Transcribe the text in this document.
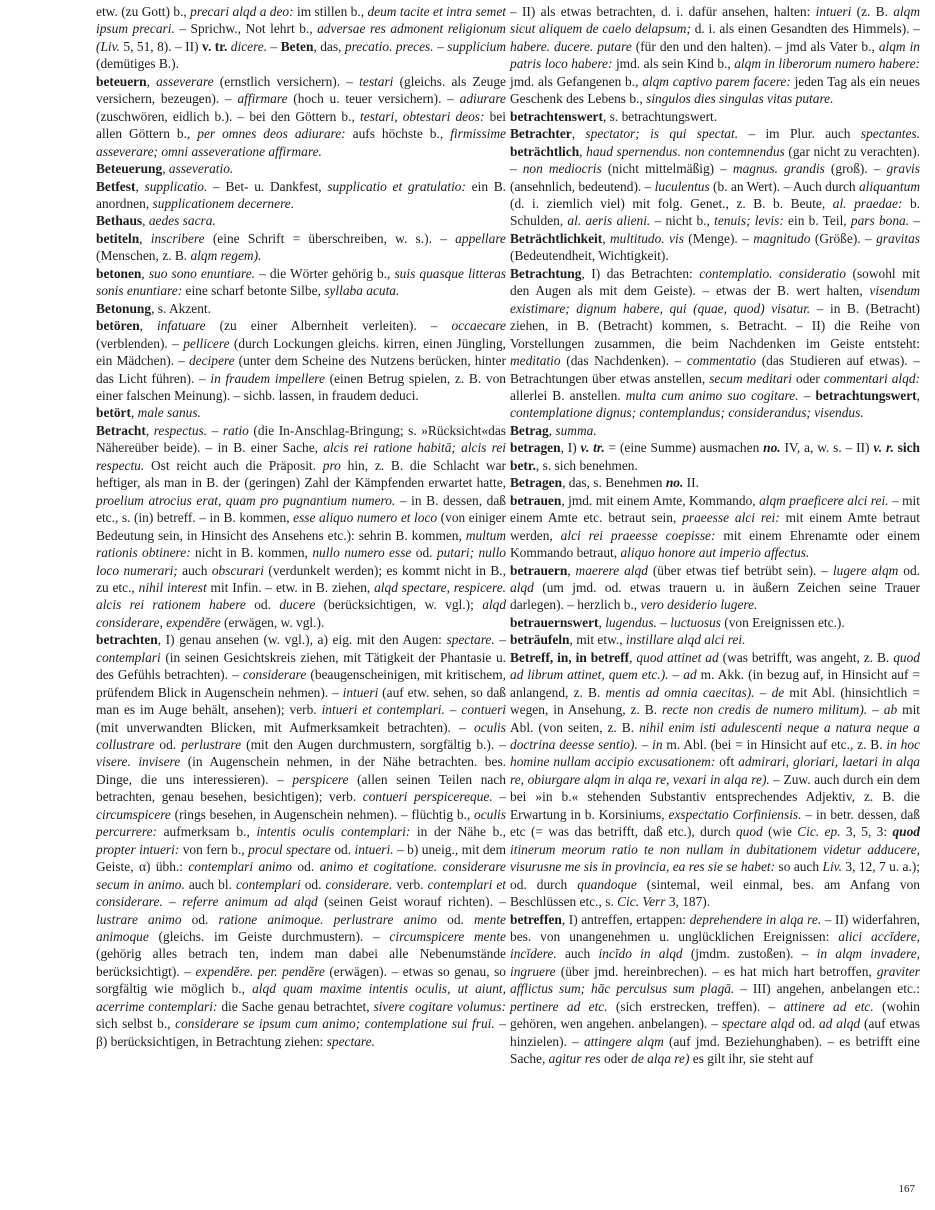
etw. (zu Gott) b., precari alqd a deo: im stillen b., deum tacite et intra semet ipsum precari. – Sprichw., Not lehrt b., adversae res admonent religionum (Liv. 5, 51, 8). – II) v. tr. dicere. – Beten, das, precatio. preces. – supplicium (demütiges B.).

beteuern, asseverare (ernstlich versichern). – testari (gleichs. als Zeuge versichern, bezeugen). – affirmare (hoch u. teuer versichern). – adiurare (zuschwören, eidlich b.). – bei den Göttern b., testari, obtestari deos: bei allen Göttern b., per omnes deos adiurare: aufs höchste b., firmissime asseverare; omni asseveratione affirmare.

Beteuerung, asseveratio.

Betfest, supplicatio. – Bet- u. Dankfest, supplicatio et gratulatio: ein B. anordnen, supplicationem decernere.

Bethaus, aedes sacra.

betiteln, inscribere (eine Schrift = überschreiben, w. s.). – appellare (Menschen, z. B. alqm regem).

betonen, suo sono enuntiare. – die Wörter gehörig b., suis quasque litteras sonis enuntiare: eine scharf betonte Silbe, syllaba acuta.

Betonung, s. Akzent.

betören, infatuare (zu einer Albernheit verleiten). – occaecare (verblenden). – pellicere (durch Lockungen gleichs. kirren, einen Jüngling, ein Mädchen). – decipere (unter dem Scheine des Nutzens berücken, hinter das Licht führen). – in fraudem impellere (einen Betrug spielen, z. B. von einer falschen Meinung). – sichb. lassen, in fraudem deduci.

betört, male sanus.

Betracht, respectus. – ratio (die In-Anschlag-Bringung; s. »Rücksicht«das Nähereüber beide). – in B. einer Sache, alcis rei ratione habitā; alcis rei respectu. Ost reicht auch die Präposit. pro hin, z. B. die Schlacht war heftiger, als man in B. der (geringen) Zahl der Kämpfenden erwartet hatte, proelium atrocius erat, quam pro pugnantium numero. – in B. dessen, daß etc., s. (in) betreff. – in B. kommen, esse aliquo numero et loco (von einiger Bedeutung sein, in Hinsicht des Ansehens etc.): sehrin B. kommen, multum rationis obtinere: nicht in B. kommen, nullo numero esse od. putari; nullo loco numerari; auch obscurari (verdunkelt werden); es kommt nicht in B., zu etc., nihil interest mit Infin. – etw. in B. ziehen, alqd spectare, respicere. alcis rei rationem habere od. ducere (berücksichtigen, w. vgl.); alqd considerare, expendĕre (erwägen, w. vgl.).

betrachten, I) genau ansehen (w. vgl.), a) eig. mit den Augen: spectare. – contemplari (in seinen Gesichtskreis ziehen, mit Tätigkeit der Phantasie u. des Gefühls betrachten). – considerare (beaugenscheinigen, mit kritischem, prüfendem Blick in Augenschein nehmen). – intueri (auf etw. sehen, so daß man es im Auge behält, ansehen); verb. intueri et contemplari. – contueri (mit unverwandten Blicken, mit Aufmerksamkeit betrachten). – oculis collustrare od. perlustrare (mit den Augen durchmustern, sorgfältig b.). – visere. invisere (in Augenschein nehmen, in der Nähe betrachten. bes. Dinge, die uns interessieren). – perspicere (allen seinen Teilen nach betrachten, genau besehen, besichtigen); verb. contueri perspicereque. – circumspicere (rings besehen, in Augenschein nehmen). – flüchtig b., oculis percurrere: aufmerksam b., intentis oculis contemplari: in der Nähe b., propter intueri: von fern b., procul spectare od. intueri. – b) uneig., mit dem Geiste, α) übh.: contemplari animo od. animo et cogitatione. considerare secum in animo. auch bl. contemplari od. considerare. verb. contemplari et considerare. – referre animum ad alqd (seinen Geist worauf richten). – lustrare animo od. ratione animoque. perlustrare animo od. mente animoque (gleichs. im Geiste durchmustern). – circumspicere mente (gehörig alles betrach ten, indem man dabei alle Nebenumstände berücksichtigt). – expendĕre. per. pendĕre (erwägen). – etwas so genau, so sorgfältig wie möglich b., alqd quam maxime intentis oculis, ut aiunt, acerrime contemplari: die Sache genau betrachtet, sivere cogitare volumus: sich selbst b., considerare se ipsum cum animo; contemplatione sui frui. – β) berücksichtigen, in Betrachtung ziehen: spectare.

– II) als etwas betrachten, d. i. dafür ansehen, halten: intueri (z. B. alqm sicut aliquem de caelo delapsum; d. i. als einen Gesandten des Himmels). – habere. ducere. putare (für den und den halten). – jmd als Vater b., alqm in patris loco habere: jmd. als sein Kind b., alqm in liberorum numero habere: jmd. als Gefangenen b., alqm captivo parem facere: jeden Tag als ein neues Geschenk des Lebens b., singulos dies singulas vitas putare.

betrachtenswert, s. betrachtungswert.

Betrachter, spectator; is qui spectat. – im Plur. auch spectantes. beträchtlich, haud spernendus. non contemnendus (gar nicht zu verachten). – non mediocris (nicht mittelmäßig) – magnus. grandis (groß). – gravis (ansehnlich, bedeutend). – luculentus (b. an Wert). – Auch durch aliquantum (d. i. ziemlich viel) mit folg. Genet., z. B. b. Beute, al. praedae: b. Schulden, al. aeris alieni. – nicht b., tenuis; levis: ein b. Teil, pars bona. – Beträchtlichkeit, multitudo. vis (Menge). – magnitudo (Größe). – gravitas (Bedeutendheit, Wichtigkeit).

Betrachtung, I) das Betrachten: contemplatio. consideratio (sowohl mit den Augen als mit dem Geiste). – etwas der B. wert halten, visendum existimare; dignum habere, qui (quae, quod) visatur. – in B. (Betracht) ziehen, in B. (Betracht) kommen, s. Betracht. – II) die Reihe von Vorstellungen zusammen, die beim Nachdenken im Geiste entsteht: meditatio (das Nachdenken). – commentatio (das Studieren auf etwas). – Betrachtungen über etwas anstellen, secum meditari oder commentari alqd: allerlei B. anstellen. multa cum animo suo cogitare. – betrachtungswert, contemplatione dignus; contemplandus; considerandus; visendus.

Betrag, summa.

betragen, I) v. tr. = (eine Summe) ausmachen no. IV, a, w. s. – II) v. r. sich betr., s. sich benehmen.

Betragen, das, s. Benehmen no. II.

betrauen, jmd. mit einem Amte, Kommando, alqm praeficere alci rei. – mit einem Amte etc. betraut sein, praeesse alci rei: mit einem Amte betraut werden, alci rei praeesse coepisse: mit einem Ehrenamte oder einem Kommando betraut, aliquo honore aut imperio affectus.

betrauern, maerere alqd (über etwas tief betrübt sein). – lugere alqm od. alqd (um jmd. od. etwas trauern u. in äußern Zeichen seine Trauer darlegen). – herzlich b., vero desiderio lugere.

betrauernswert, lugendus. – luctuosus (von Ereignissen etc.).

beträufeln, mit etw., instillare alqd alci rei.

Betreff, in, in betreff, quod attinet ad (was betrifft, was angeht, z. B. quod ad librum attinet, quem etc.). – ad m. Akk. (in bezug auf, in Hinsicht auf = anlangend, z. B. mentis ad omnia caecitas). – de mit Abl. (hinsichtlich = wegen, in Ansehung, z. B. recte non credis de numero militum). – ab mit Abl. (von seiten, z. B. nihil enim isti adulescenti neque a natura neque a doctrina deesse sentio). – in m. Abl. (bei = in Hinsicht auf etc., z. B. in hoc homine nullam accipio excusationem: oft admirari, gloriari, laetari in alqa re, obiurgare alqm in alqa re, vexari in alqa re). – Zuw. auch durch ein dem bei »in b.« stehenden Substantiv entsprechendes Adjektiv, z. B. die Erwartung in b. Korsiniums, exspectatio Corfiniensis. – in betr. dessen, daß etc (= was das betrifft, daß etc.), durch quod (wie Cic. ep. 3, 5, 3: quod itinerum meorum ratio te non nullam in dubitationem videtur adducere, visurusne me sis in provincia, ea res sie se habet: so auch Liv. 3, 12, 7 u. a.); od. durch quandoque (sintemal, weil einmal, bes. am Anfang von Beschlüssen etc., s. Cic. Verr 3, 187).

betreffen, I) antreffen, ertappen: deprehendere in alqa re. – II) widerfahren, bes. von unangenehmen u. unglücklichen Ereignissen: alici accĭdere, incĭdere. auch incĭdo in alqd (jmdm. zustoßen). – in alqm invadere, ingruere (über jmd. hereinbrechen). – es hat mich hart betroffen, graviter afflictus sum; hāc perculsus sum plagā. – III) angehen, anbelangen etc.: pertinere ad etc. (sich erstrecken, treffen). – attinere ad etc. (wohin gehören, wen angehen. anbelangen). – spectare alqd od. ad alqd (auf etwas hinzielen). – attingere alqm (auf jmd. Beziehunghaben). – es betrifft eine Sache, agitur res oder de alqa re) es gilt ihr, sie steht auf

167
